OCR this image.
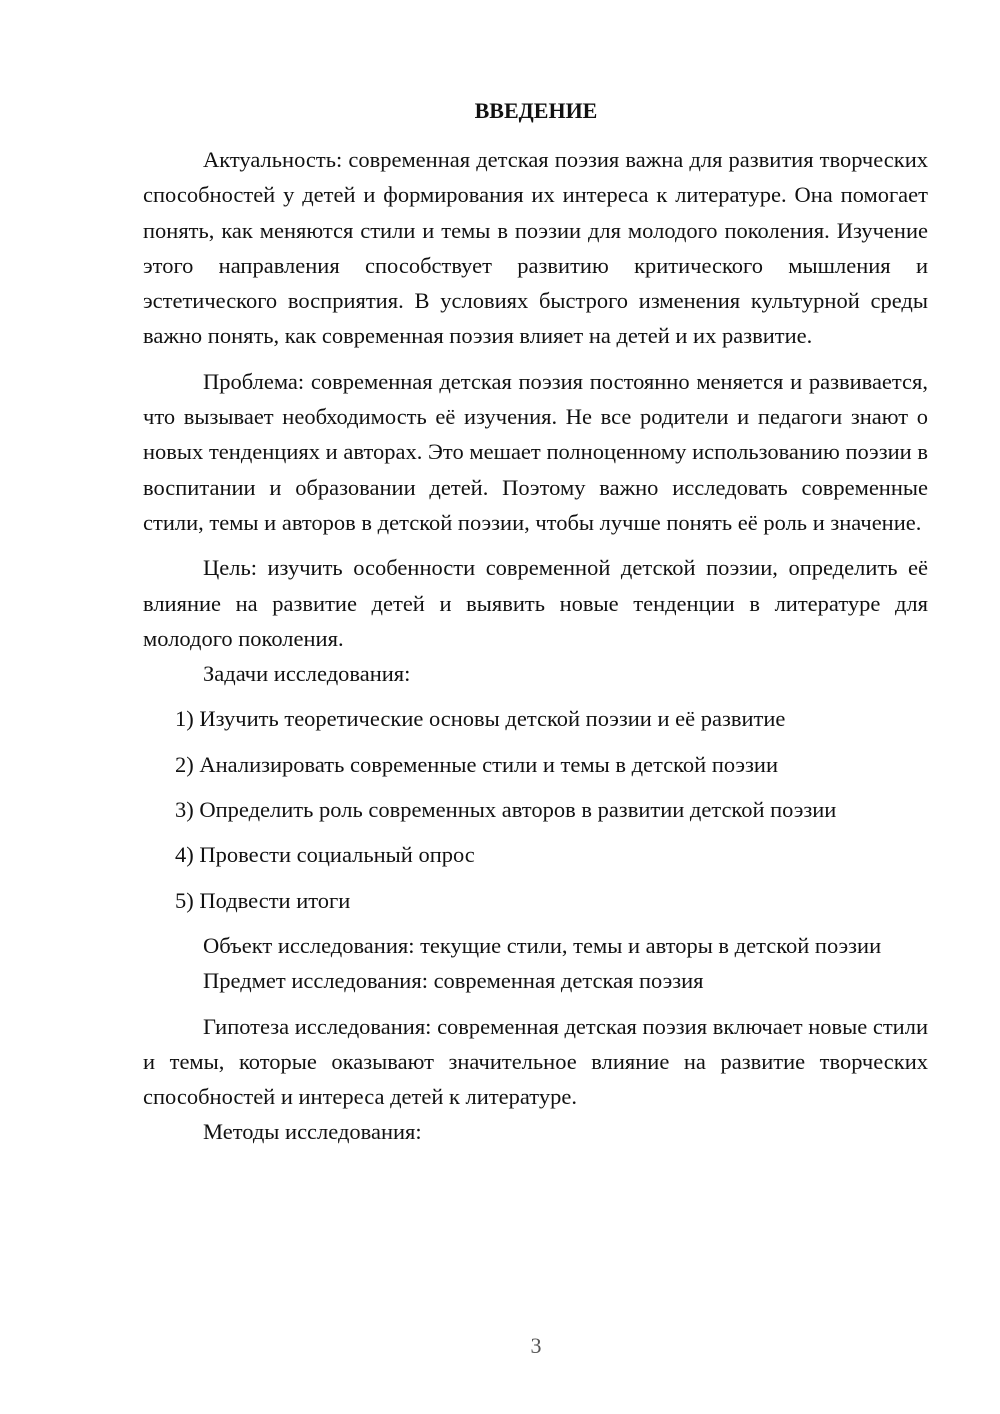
ВВЕДЕНИЕ

Актуальность: современная детская поэзия важна для развития творческих способностей у детей и формирования их интереса к литературе. Она помогает понять, как меняются стили и темы в поэзии для молодого поколения. Изучение этого направления способствует развитию критического мышления и эстетического восприятия. В условиях быстрого изменения культурной среды важно понять, как современная поэзия влияет на детей и их развитие.

Проблема: современная детская поэзия постоянно меняется и развивается, что вызывает необходимость её изучения. Не все родители и педагоги знают о новых тенденциях и авторах. Это мешает полноценному использованию поэзии в воспитании и образовании детей. Поэтому важно исследовать современные стили, темы и авторов в детской поэзии, чтобы лучше понять её роль и значение.

Цель: изучить особенности современной детской поэзии, определить её влияние на развитие детей и выявить новые тенденции в литературе для молодого поколения.

Задачи исследования:

1) Изучить теоретические основы детской поэзии и её развитие
2) Анализировать современные стили и темы в детской поэзии
3) Определить роль современных авторов в развитии детской поэзии
4) Провести социальный опрос
5) Подвести итоги

Объект исследования: текущие стили, темы и авторы в детской поэзии

Предмет исследования: современная детская поэзия

Гипотеза исследования: современная детская поэзия включает новые стили и темы, которые оказывают значительное влияние на развитие творческих способностей и интереса детей к литературе.

Методы исследования:

3
